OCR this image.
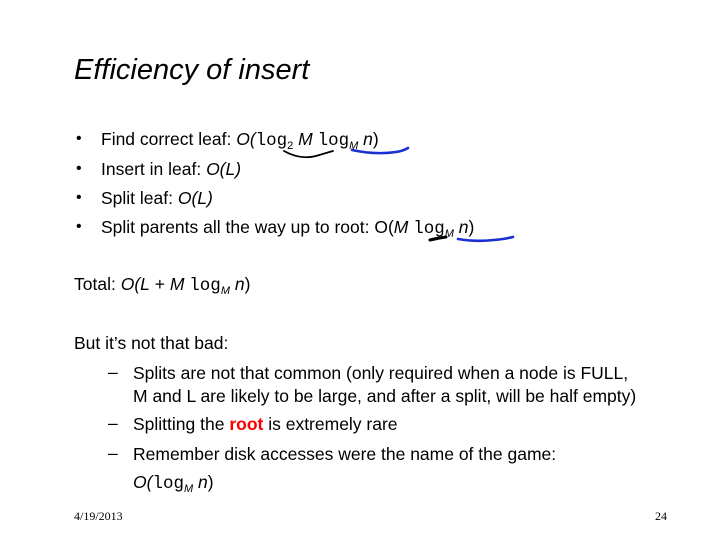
Efficiency of insert
• Find correct leaf: $O(\log_2$ M $\log_M n$)
• Insert in leaf: O(L)
• Split leaf: O(L)
• Split parents all the way up to root: O(M $\log_M n$)
Total: O(L + M $\log_M n$)
But it’s not that bad:
– Splits are not that common (only required when a node is FULL,
M and L are likely to be large, and after a split, will be half empty)
– Splitting the root is extremely rare
– Remember disk accesses were the name of the game:
$O(\log_M$ n)
4/19/2013	24
